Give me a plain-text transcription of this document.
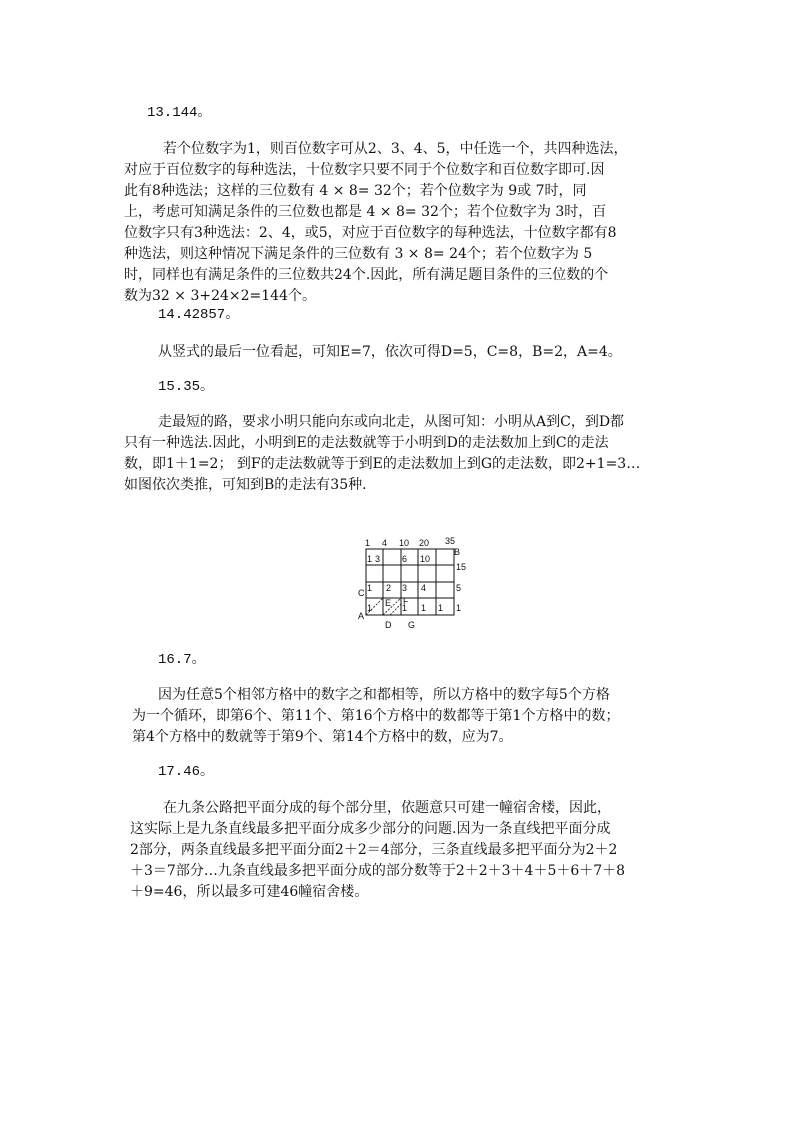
13.144。
若个位数字为1，则百位数字可从2、3、4、5，中任选一个，共四种选法，
对应于百位数字的每种选法，十位数字只要不同于个位数字和百位数字即可.因
此有8种选法；这样的三位数有 4 × 8= 32个；若个位数字为 9或 7时，同
上，考虑可知满足条件的三位数也都是 4 × 8= 32个；若个位数字为 3时，百
位数字只有3种选法：2、4，或5，对应于百位数字的每种选法，十位数字都有8
种选法，则这种情况下满足条件的三位数有 3 × 8= 24个；若个位数字为 5
时，同样也有满足条件的三位数共24个.因此，所有满足题目条件的三位数的个
数为32 × 3+24×2=144个。
14.42857。
从竖式的最后一位看起，可知E=7，依次可得D=5，C=8，B=2，A=4。
15.35。
走最短的路，要求小明只能向东或向北走，从图可知：小明从A到C，到D都
只有一种选法.因此，小明到E的走法数就等于小明到D的走法数加上到C的走法
数，即1＋1=2； 到F的走法数就等于到E的走法数加上到G的走法数，即2+1=3…
如图依次类推，可知到B的走法有35种.
1 4 10 20 35
B
1 3 6 10
15
1 2 3 4	5
1	1 1 1 1
C
A
E F
D G
16.7。
因为任意5个相邻方格中的数字之和都相等，所以方格中的数字每5个方格
为一个循环，即第6个、第11个、第16个方格中的数都等于第1个方格中的数；
第4个方格中的数就等于第9个、第14个方格中的数，应为7。
17.46。
在九条公路把平面分成的每个部分里，依题意只可建一幢宿舍楼，因此，
这实际上是九条直线最多把平面分成多少部分的问题.因为一条直线把平面分成
2部分，两条直线最多把平面分面2＋2＝4部分，三条直线最多把平面分为2＋2
＋3＝7部分…九条直线最多把平面分成的部分数等于2＋2＋3＋4＋5＋6＋7＋8
＋9=46，所以最多可建46幢宿舍楼。
